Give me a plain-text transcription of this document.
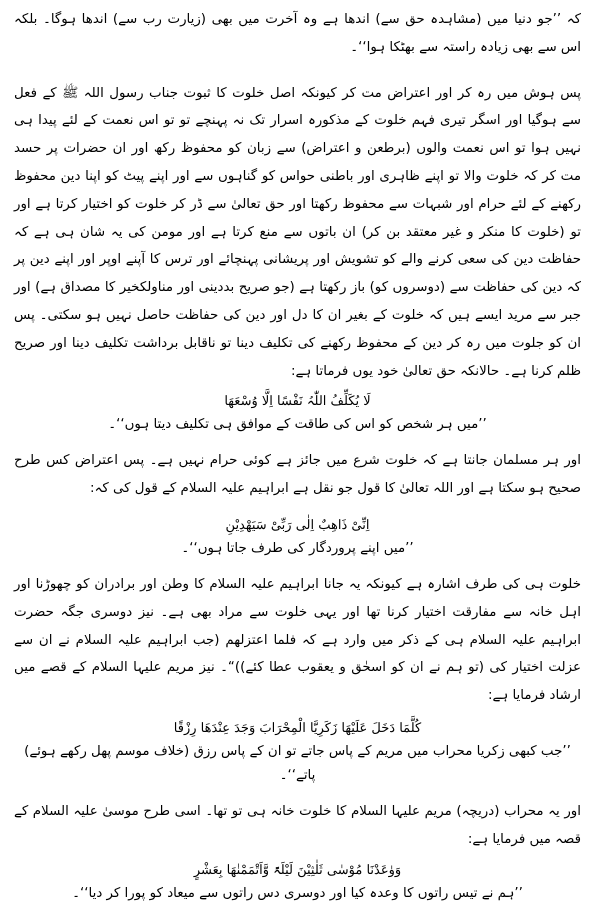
کہ ’’جو دنیا میں (مشاہدہ حق سے) اندھا ہے وہ آخرت میں بھی (زیارت رب سے) اندھا ہوگا۔ بلکہ اس سے بھی زیادہ راستہ سے بھٹکا ہوا‘‘۔

پس ہوش میں رہ کر اور اعتراض مت کر کیونکہ اصل خلوت کا ثبوت جناب رسول اللہ ﷺ کے فعل سے ہوگیا اور اسگر تیری فہم خلوت کے مذکورہ اسرار تک نہ پہنچے تو تو اس نعمت کے لئے پیدا ہی نہیں ہوا تو اس نعمت والوں (برطعن و اعتراض) سے زبان کو محفوظ رکھ اور ان حضرات پر حسد مت کر کہ خلوت والا تو اپنے ظاہری اور باطنی حواس کو گناہوں سے اور اپنے پیٹ کو اپنا دین محفوظ رکھنے کے لئے حرام اور شبہات سے محفوظ رکھتا اور حق تعالیٰ سے ڈر کر خلوت کو اختیار کرتا ہے اور تو (خلوت کا منکر و غیر معتقد بن کر) ان باتوں سے منع کرتا ہے اور مومن کی یہ شان ہی ہے کہ حفاظت دین کی سعی کرنے والے کو تشویش اور پریشانی پہنچائے اور ترس کا آپنے اوپر اور اپنے دین پر کہ دین کی حفاظت سے (دوسروں کو) باز رکھتا ہے (جو صریح بددینی اور مناولکخیر کا مصداق ہے) اور جبر سے مرید ایسے ہیں کہ خلوت کے بغیر ان کا دل اور دین کی حفاظت حاصل نہیں ہو سکتی۔ پس ان کو جلوت میں رہ کر دین کے محفوظ رکھنے کی تکلیف دینا تو ناقابل برداشت تکلیف دینا اور صریح ظلم کرنا ہے۔ حالانکہ حق تعالیٰ خود یوں فرماتا ہے:

لَا یُکَلِّفُ اللّٰہُ نَفْسًا اِلَّا وُسْعَھَا

’’میں ہر شخص کو اس کی طاقت کے موافق ہی تکلیف دیتا ہوں‘‘۔

اور ہر مسلمان جانتا ہے کہ خلوت شرع میں جائز ہے کوئی حرام نہیں ہے۔ پس اعتراض کس طرح صحیح ہو سکتا ہے اور اللہ تعالیٰ کا قول جو نقل ہے ابراہیم علیہ السلام کے قول کی کہ:

اِنِّیْ ذَاھِبٌ اِلٰی رَبِّیْ سَیَھْدِیْنِ

’’میں اپنے پروردگار کی طرف جاتا ہوں‘‘۔

خلوت ہی کی طرف اشارہ ہے کیونکہ یہ جانا ابراہیم علیہ السلام کا وطن اور برادران کو چھوڑنا اور اہل خانہ سے مفارقت اختیار کرنا تھا اور یہی خلوت سے مراد بھی ہے۔ نیز دوسری جگہ حضرت ابراہیم علیہ السلام ہی کے ذکر میں وارد ہے کہ فلما اعتزلھم (جب ابراہیم علیہ السلام نے ان سے عزلت اختیار کی (تو ہم نے ان کو اسحٰق و یعقوب عطا کئے))“۔ نیز مریم علیہا السلام کے قصے میں ارشاد فرمایا ہے:

کُلَّمَا دَخَلَ عَلَیْھَا زَکَرِیَّا الْمِحْرَابَ وَجَدَ عِنْدَھَا رِزْقًا

’’جب کبھی زکریا محراب میں مریم کے پاس جاتے تو ان کے پاس رزق (خلاف موسم پھل رکھے ہوئے) پاتے‘‘۔

اور یہ محراب (دریچہ) مریم علیہا السلام کا خلوت خانہ ہی تو تھا۔ اسی طرح موسیٰ علیہ السلام کے قصہ میں فرمایا ہے:

وَوٰعَدْنَا مُوْسٰی ثَلٰثِیْنَ لَیْلَۃً وَّاَتْمَمْنٰھَا بِعَشْرٍ

’’ہم نے تیس راتوں کا وعدہ کیا اور دوسری دس راتوں سے میعاد کو پورا کر دیا‘‘۔
